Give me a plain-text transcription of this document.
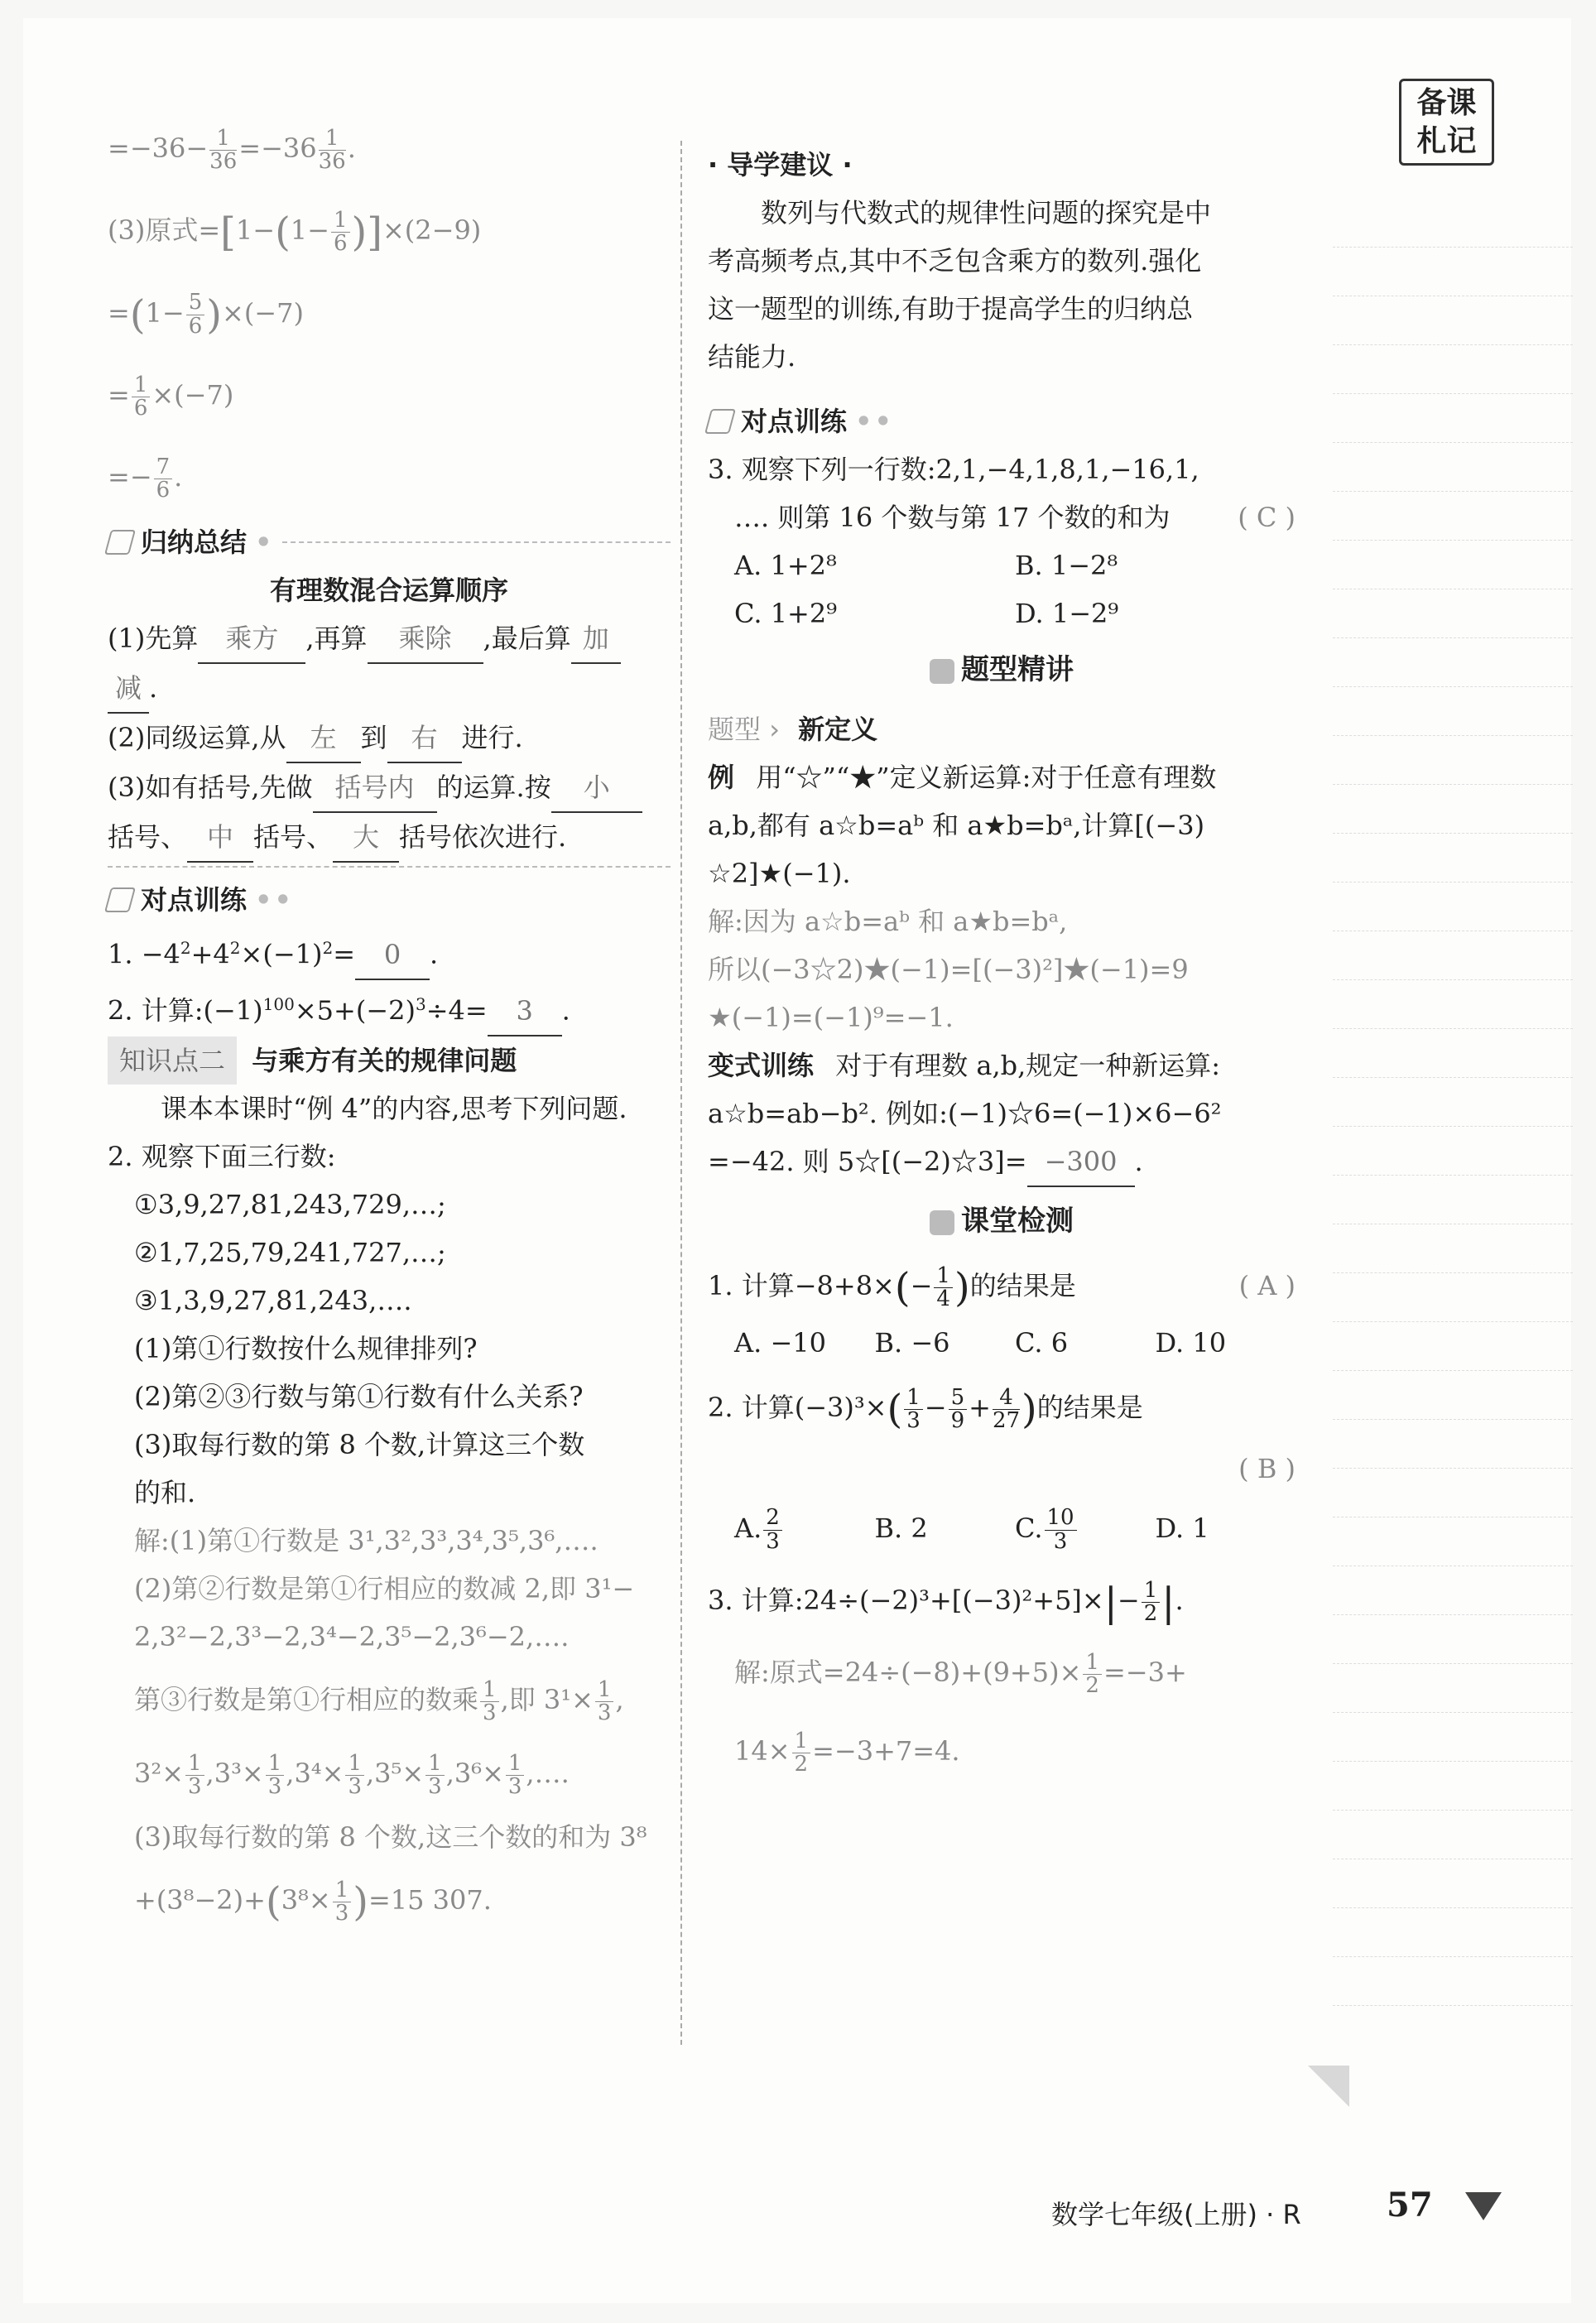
备课
札记
$=-36- \frac{1}{36} =-36 \frac{1}{36}$ .
(3)原式$=[1-(1- \frac{1}{6} )]\times(2-9)$
$=(1- \frac{5}{6} )\times(-7)$
= $\frac{1}{6} \times(-7)$
=− $\frac{7}{6}$ .
归纳总结 •
有理数混合运算顺序
(1)先算 乘方 ,再算 乘除 ,最后算 加
减 .
(2)同级运算,从 左 到 右 进行.
(3)如有括号,先做 括号内 的运算.按 小
括号、 中 括号、 大 括号依次进行.
对点训练 ••
1. $-4^2+4^2\times(-1)^2= 0$ .
2. 计算$:(-1)^{100}\times 5+(-2)^3\div 4= 3$ .
知识点二 与乘方有关的规律问题
课本本课时“例 4”的内容,思考下列问题.
2. 观察下面三行数:
①3,9,27,81,243,729,…;
②1,7,25,79,241,727,…;
③1,3,9,27,81,243,….
(1)第①行数按什么规律排列?
(2)第②③行数与第①行数有什么关系?
(3)取每行数的第 8 个数,计算这三个数
的和.
解:(1)第①行数是 3¹,3²,3³,3⁴,3⁵,3⁶,….
(2)第②行数是第①行相应的数减 2,即 3¹−
2,3²−2,3³−2,3⁴−2,3⁵−2,3⁶−2,….
第③行数是第①行相应的数乘 $\frac{1}{3}$ ,即 $3^1\times \frac{1}{3}$ ,
$3^2\times \frac{1}{3} ,3^3\times \frac{1}{3} ,3^4\times \frac{1}{3} ,3^5\times \frac{1}{3} ,3^6\times \frac{1}{3}$ ,….
(3)取每行数的第 8 个数,这三个数的和为 3⁸
$+(3^8-2)+(3^8\times \frac{1}{3} )=15$ 307.
· 导学建议 ·
数列与代数式的规律性问题的探究是中
考高频考点,其中不乏包含乘方的数列.强化
这一题型的训练,有助于提高学生的归纳总
结能力.
对点训练 ••
3. 观察下列一行数:2,1,−4,1,8,1,−16,1,
…. 则第 16 个数与第 17 个数的和为	( C )
A. 1+2⁸	B. 1−2⁸
C. 1+2⁹	D. 1−2⁹
题型精讲
题型 › 新定义
例 用“☆”“★”定义新运算:对于任意有理数
a,b,都有 a☆b=aᵇ 和 a★b=bᵃ,计算[(−3)
☆2]★(−1).
解:因为 a☆b=aᵇ 和 a★b=bᵃ,
所以(−3☆2)★(−1)=[(−3)²]★(−1)=9
★(−1)=(−1)⁹=−1.
变式训练 对于有理数 a,b,规定一种新运算:
a☆b=ab−b². 例如:(−1)☆6=(−1)×6−6²
=−42. 则 5☆[(−2)☆3]= −300 .
课堂检测
1. 计算$-8+8\times(- \frac{1}{4}$ )的结果是	( A )
A. −10	B. −6	C. 6	D. 10
2. 计算$(-3)^3\times( \frac{1}{3} - \frac{5}{9} + \frac{4}{27}$ )的结果是
( B )
A. $\frac{2}{3}$	B. 2	C. $\frac{10}{3}$	D. 1
3. 计算:24÷(−2)³+[(−3)²+5]×|− $\frac{1}{2}$ |.
解:原式$=24\div(-8)+(9+5)\times \frac{1}{2} =-3+$
$14\times \frac{1}{2} =-3+7=4$.
数学七年级(上册) · R	57
